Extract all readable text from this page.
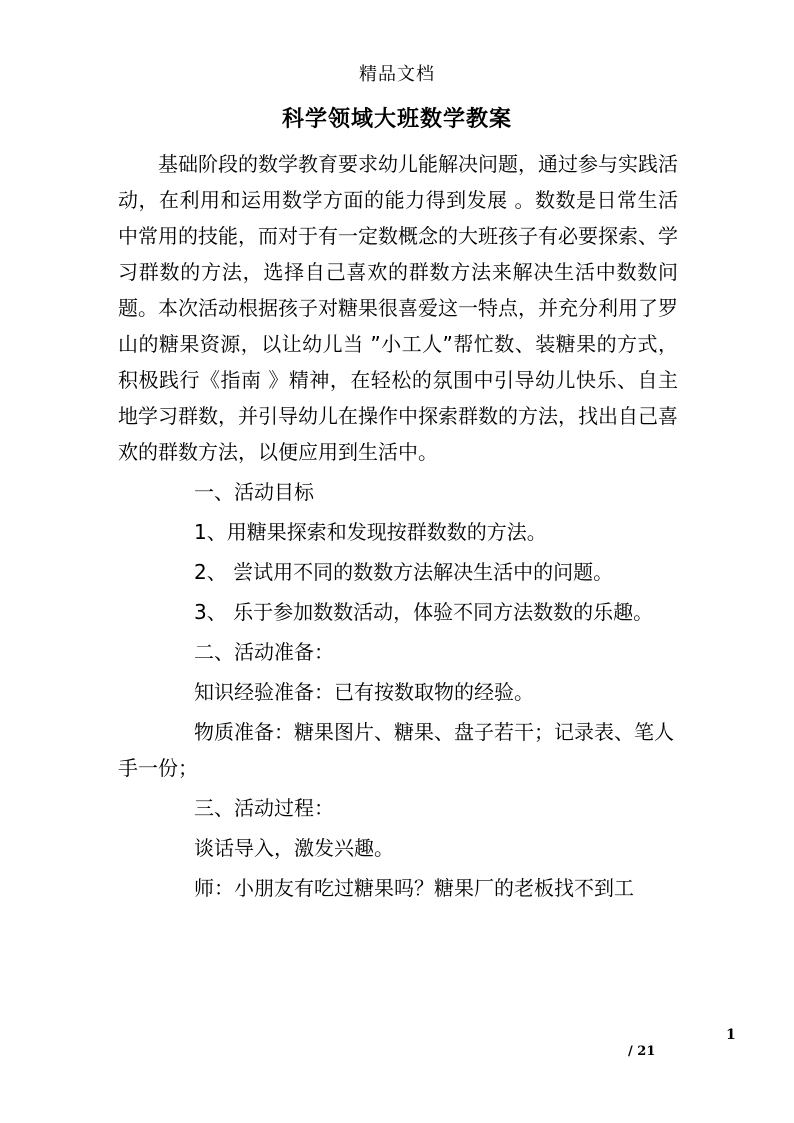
精品文档
科学领域大班数学教案

基础阶段的数学教育要求幼儿能解决问题，通过参与实践活动，在利用和运用数学方面的能力得到发展 。数数是日常生活中常用的技能，而对于有一定数概念的大班孩子有必要探索、学习群数的方法，选择自己喜欢的群数方法来解决生活中数数问题。本次活动根据孩子对糖果很喜爱这一特点，并充分利用了罗山的糖果资源，以让幼儿当 ”小工人”帮忙数、装糖果的方式，积极践行《指南 》精神，在轻松的氛围中引导幼儿快乐、自主地学习群数，并引导幼儿在操作中探索群数的方法，找出自己喜欢的群数方法，以便应用到生活中。

一、活动目标

1、用糖果探索和发现按群数数的方法。

2、 尝试用不同的数数方法解决生活中的问题。

3、 乐于参加数数活动，体验不同方法数数的乐趣。

二、活动准备：

知识经验准备：已有按数取物的经验。

物质准备：糖果图片、糖果、盘子若干；记录表、笔人手一份；

三、活动过程：

谈话导入，激发兴趣。

师：小朋友有吃过糖果吗？糖果厂的老板找不到工

1
/ 21
